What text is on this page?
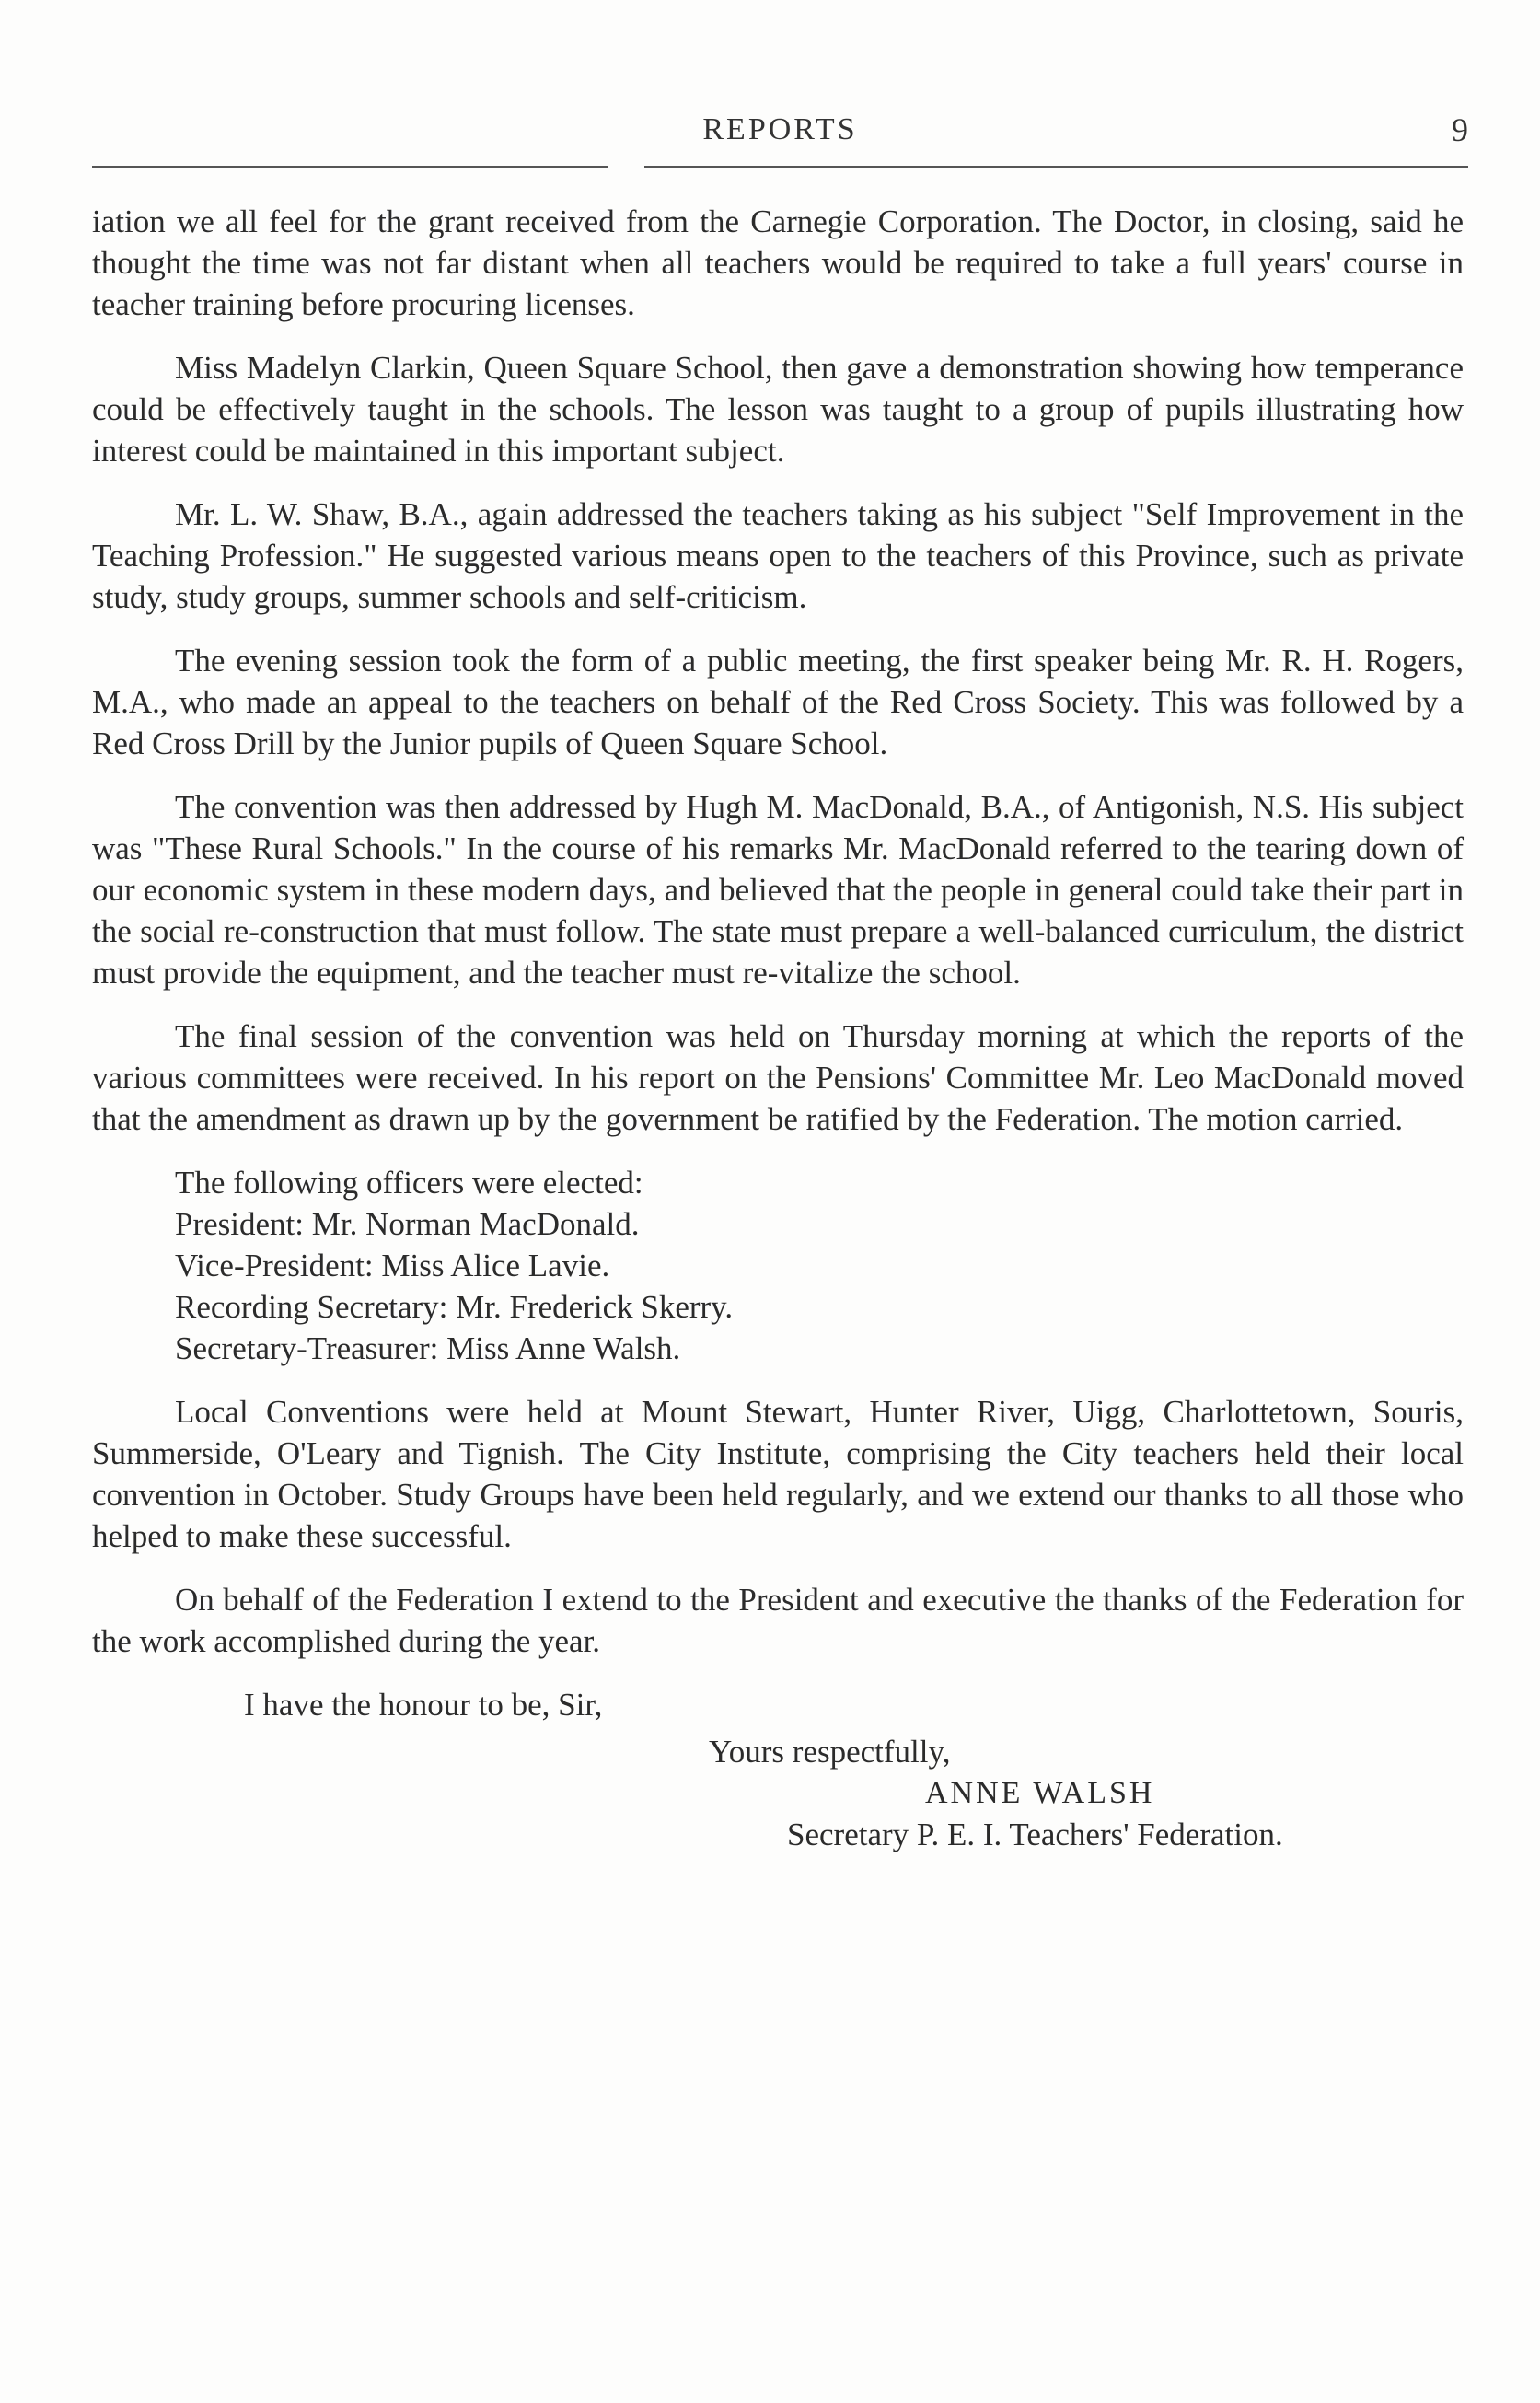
REPORTS	9

iation we all feel for the grant received from the Carnegie Corporation. The Doctor, in closing, said he thought the time was not far distant when all teachers would be required to take a full years' course in teacher training before procuring licenses.

Miss Madelyn Clarkin, Queen Square School, then gave a demonstration showing how temperance could be effectively taught in the schools. The lesson was taught to a group of pupils illustrating how interest could be maintained in this important subject.

Mr. L. W. Shaw, B.A., again addressed the teachers taking as his subject "Self Improvement in the Teaching Profession." He suggested various means open to the teachers of this Province, such as private study, study groups, summer schools and self-criticism.

The evening session took the form of a public meeting, the first speaker being Mr. R. H. Rogers, M.A., who made an appeal to the teachers on behalf of the Red Cross Society. This was followed by a Red Cross Drill by the Junior pupils of Queen Square School.

The convention was then addressed by Hugh M. MacDonald, B.A., of Antigonish, N.S. His subject was "These Rural Schools." In the course of his remarks Mr. MacDonald referred to the tearing down of our economic system in these modern days, and believed that the people in general could take their part in the social re-construction that must follow. The state must prepare a well-balanced curriculum, the district must provide the equipment, and the teacher must re-vitalize the school.

The final session of the convention was held on Thursday morning at which the reports of the various committees were received. In his report on the Pensions' Committee Mr. Leo MacDonald moved that the amendment as drawn up by the government be ratified by the Federation. The motion carried.

The following officers were elected:
President: Mr. Norman MacDonald.
Vice-President: Miss Alice Lavie.
Recording Secretary: Mr. Frederick Skerry.
Secretary-Treasurer: Miss Anne Walsh.

Local Conventions were held at Mount Stewart, Hunter River, Uigg, Charlottetown, Souris, Summerside, O'Leary and Tignish. The City Institute, comprising the City teachers held their local convention in October. Study Groups have been held regularly, and we extend our thanks to all those who helped to make these successful.

On behalf of the Federation I extend to the President and executive the thanks of the Federation for the work accomplished during the year.

I have the honour to be, Sir,
Yours respectfully,
ANNE WALSH
Secretary P. E. I. Teachers' Federation.
